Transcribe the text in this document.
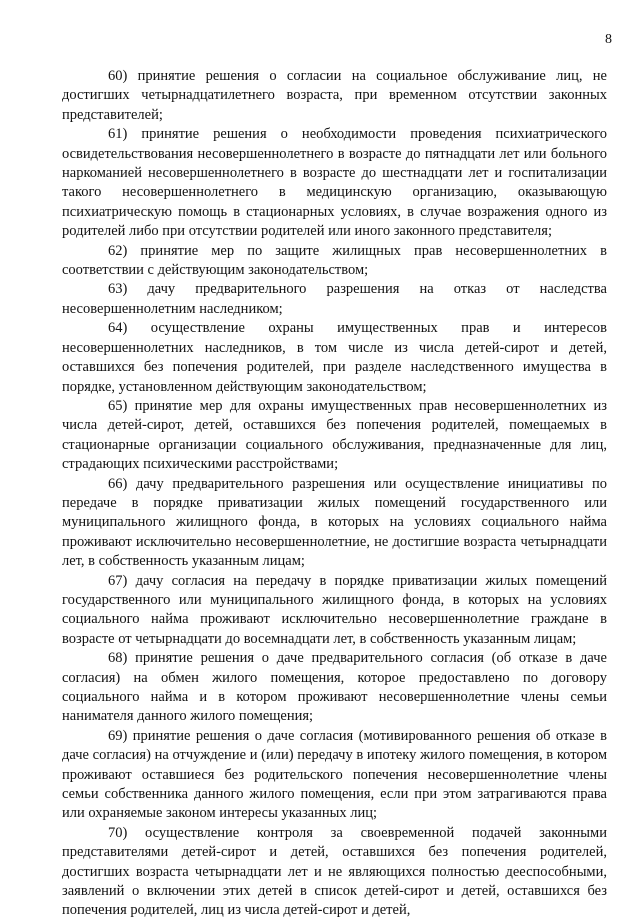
8

60) принятие решения о согласии на социальное обслуживание лиц, не достигших четырнадцатилетнего возраста, при временном отсутствии законных представителей;

61) принятие решения о необходимости проведения психиатрического освидетельствования несовершеннолетнего в возрасте до пятнадцати лет или больного наркоманией несовершеннолетнего в возрасте до шестнадцати лет и госпитализации такого несовершеннолетнего в медицинскую организацию, оказывающую психиатрическую помощь в стационарных условиях, в случае возражения одного из родителей либо при отсутствии родителей или иного законного представителя;

62) принятие мер по защите жилищных прав несовершеннолетних в соответствии с действующим законодательством;

63) дачу предварительного разрешения на отказ от наследства несовершеннолетним наследником;

64) осуществление охраны имущественных прав и интересов несовершеннолетних наследников, в том числе из числа детей-сирот и детей, оставшихся без попечения родителей, при разделе наследственного имущества в порядке, установленном действующим законодательством;

65) принятие мер для охраны имущественных прав несовершеннолетних из числа детей-сирот, детей, оставшихся без попечения родителей, помещаемых в стационарные организации социального обслуживания, предназначенные для лиц, страдающих психическими расстройствами;

66) дачу предварительного разрешения или осуществление инициативы по передаче в порядке приватизации жилых помещений государственного или муниципального жилищного фонда, в которых на условиях социального найма проживают исключительно несовершеннолетние, не достигшие возраста четырнадцати лет, в собственность указанным лицам;

67) дачу согласия на передачу в порядке приватизации жилых помещений государственного или муниципального жилищного фонда, в которых на условиях социального найма проживают исключительно несовершеннолетние граждане в возрасте от четырнадцати до восемнадцати лет, в собственность указанным лицам;

68) принятие решения о даче предварительного согласия (об отказе в даче согласия) на обмен жилого помещения, которое предоставлено по договору социального найма и в котором проживают несовершеннолетние члены семьи нанимателя данного жилого помещения;

69) принятие решения о даче согласия (мотивированного решения об отказе в даче согласия) на отчуждение и (или) передачу в ипотеку жилого помещения, в котором проживают оставшиеся без родительского попечения несовершеннолетние члены семьи собственника данного жилого помещения, если при этом затрагиваются права или охраняемые законом интересы указанных лиц;

70) осуществление контроля за своевременной подачей законными представителями детей-сирот и детей, оставшихся без попечения родителей, достигших возраста четырнадцати лет и не являющихся полностью дееспособными, заявлений о включении этих детей в список детей-сирот и детей, оставшихся без попечения родителей, лиц из числа детей-сирот и детей,
